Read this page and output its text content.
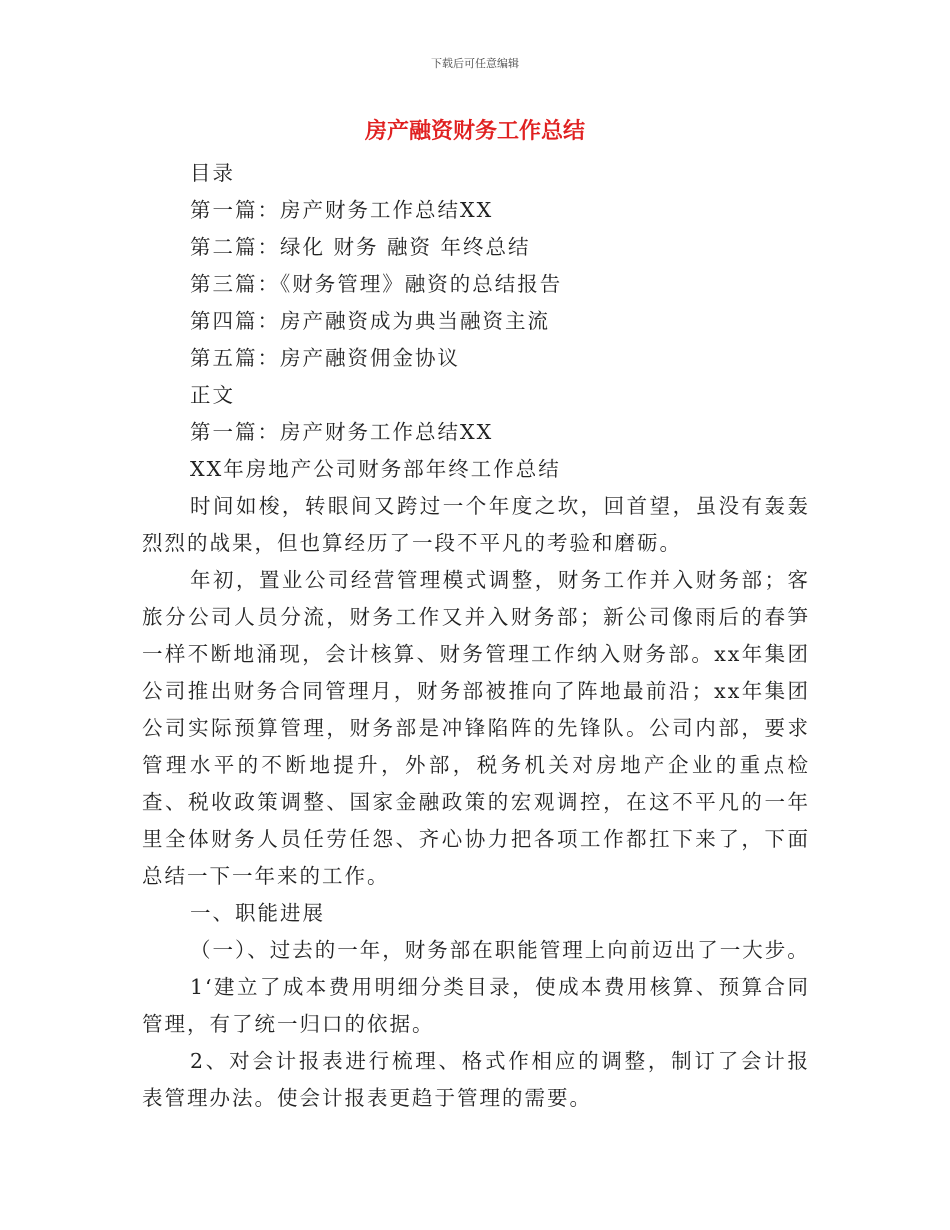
下载后可任意编辑
房产融资财务工作总结

目录

第一篇：房产财务工作总结XX

第二篇：绿化 财务 融资 年终总结

第三篇：《财务管理》融资的总结报告

第四篇：房产融资成为典当融资主流

第五篇：房产融资佣金协议

正文

第一篇：房产财务工作总结XX

XX年房地产公司财务部年终工作总结

时间如梭，转眼间又跨过一个年度之坎，回首望，虽没有轰轰烈烈的战果，但也算经历了一段不平凡的考验和磨砺。

年初，置业公司经营管理模式调整，财务工作并入财务部；客旅分公司人员分流，财务工作又并入财务部；新公司像雨后的春笋一样不断地涌现，会计核算、财务管理工作纳入财务部。xx年集团公司推出财务合同管理月，财务部被推向了阵地最前沿；xx年集团公司实际预算管理，财务部是冲锋陷阵的先锋队。公司内部，要求管理水平的不断地提升，外部，税务机关对房地产企业的重点检查、税收政策调整、国家金融政策的宏观调控，在这不平凡的一年里全体财务人员任劳任怨、齐心协力把各项工作都扛下来了，下面总结一下一年来的工作。

一、职能进展

（一）、过去的一年，财务部在职能管理上向前迈出了一大步。

1‘建立了成本费用明细分类目录，使成本费用核算、预算合同管理，有了统一归口的依据。

2、对会计报表进行梳理、格式作相应的调整，制订了会计报表管理办法。使会计报表更趋于管理的需要。
